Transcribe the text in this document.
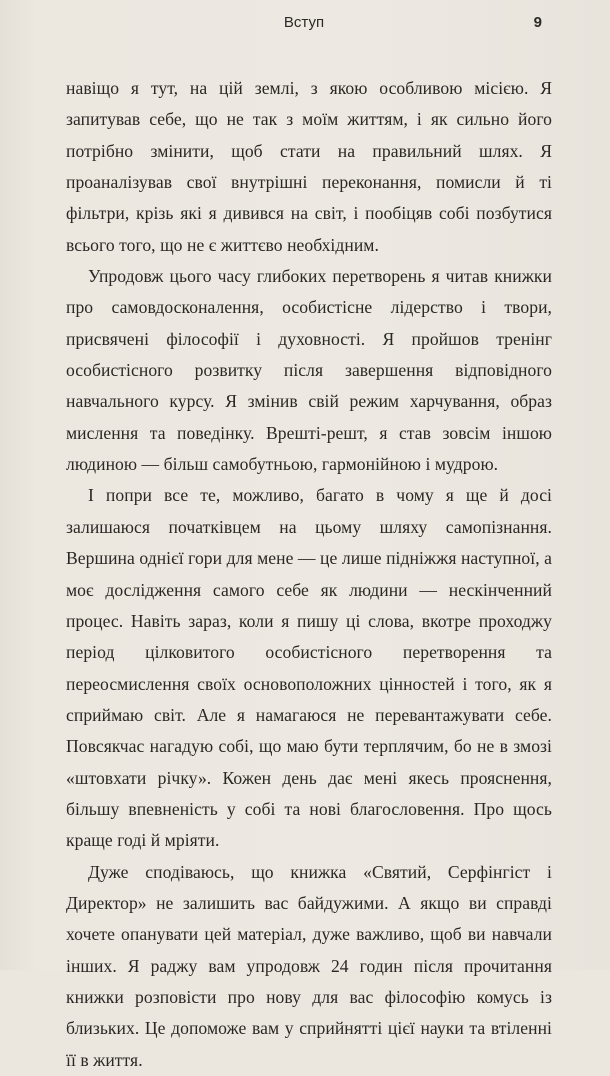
Вступ	9

навіщо я тут, на цій землі, з якою особливою місією. Я запитував себе, що не так з моїм життям, і як сильно його потрібно змінити, щоб стати на правильний шлях. Я проаналізував свої внутрішні переконання, помисли й ті фільтри, крізь які я дивився на світ, і пообіцяв собі позбутися всього того, що не є життєво необхідним.

Упродовж цього часу глибоких перетворень я читав книжки про самовдосконалення, особистісне лідерство і твори, присвячені філософії і духовності. Я пройшов тренінг особистісного розвитку після завершення відповідного навчального курсу. Я змінив свій режим харчування, образ мислення та поведінку. Врешті-решт, я став зовсім іншою людиною — більш самобутньою, гармонійною і мудрою.

І попри все те, можливо, багато в чому я ще й досі залишаюся початківцем на цьому шляху самопізнання. Вершина однієї гори для мене — це лише підніжжя наступної, а моє дослідження самого себе як людини — нескінченний процес. Навіть зараз, коли я пишу ці слова, вкотре проходжу період цілковитого особистісного перетворення та переосмислення своїх основоположних цінностей і того, як я сприймаю світ. Але я намагаюся не перевантажувати себе. Повсякчас нагадую собі, що маю бути терплячим, бо не в змозі «штовхати річку». Кожен день дає мені якесь прояснення, більшу впевненість у собі та нові благословення. Про щось краще годі й мріяти.

Дуже сподіваюсь, що книжка «Святий, Серфінгіст і Директор» не залишить вас байдужими. А якщо ви справді хочете опанувати цей матеріал, дуже важливо, щоб ви навчали інших. Я раджу вам упродовж 24 годин після прочитання книжки розповісти про нову для вас філософію комусь із близьких. Це допоможе вам у сприйнятті цієї науки та втіленні її в життя.
